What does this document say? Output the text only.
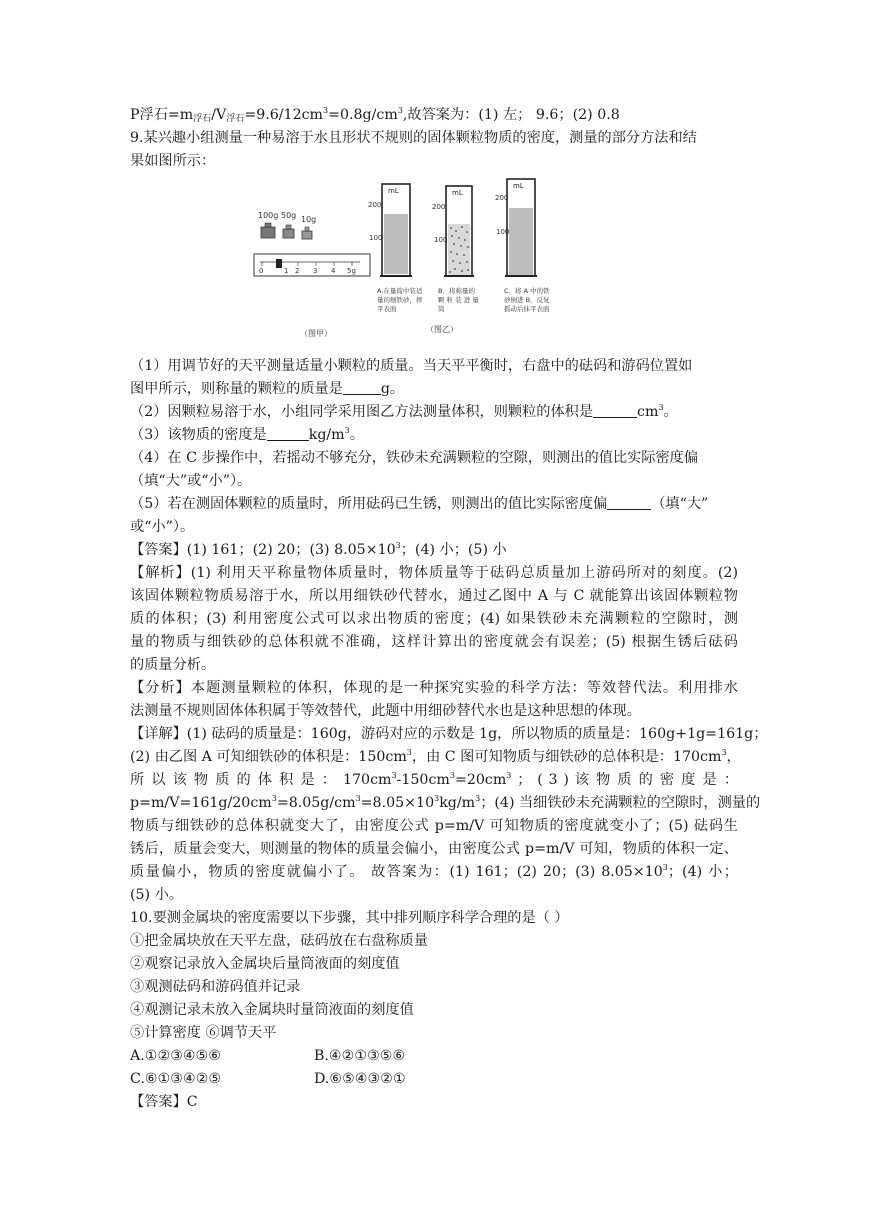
P浮石$=m_{浮石}/V_{浮石}=9.6/12cm^3=0.8g/cm^3$,故答案为：(1) 左； 9.6；(2) 0.8
9.某兴趣小组测量一种易溶于水且形状不规则的固体颗粒物质的密度，测量的部分方法和结
果如图所示：
100g 50g 10g
0	1 2 3 4 5g
（图甲）
200
100
mL
A.在量筒中装适
量的细铁砂，摔
平表面
（图乙）
200
100
mL
B．将称量的
颗 粒 装 进 量
筒
200
100
mL
C．将 A 中的铁
砂倒进 B，反复
摇动后抹平表面
（1）用调节好的天平测量适量小颗粒的质量。当天平平衡时，右盘中的砝码和游码位置如
图甲所示，则称量的颗粒的质量是	g。
（2）因颗粒易溶于水，小组同学采用图乙方法测量体积，则颗粒的体积是	$cm^3$。
（3）该物质的密度是	$kg/m^3$。
（4）在 C 步操作中，若摇动不够充分，铁砂未充满颗粒的空隙，则测出的值比实际密度偏
（填“大”或“小”）。
（5）若在测固体颗粒的质量时，所用砝码已生锈，则测出的值比实际密度偏	（填“大”
或“小”）。
【答案】(1) 161；(2) 20；(3) $8.05\times 10^3$；(4) 小；(5) 小
【解析】(1) 利用天平称量物体质量时，物体质量等于砝码总质量加上游码所对的刻度。(2)
该固体颗粒物质易溶于水，所以用细铁砂代替水，通过乙图中 A 与 C 就能算出该固体颗粒物
质的体积；(3) 利用密度公式可以求出物质的密度；(4) 如果铁砂未充满颗粒的空隙时，测
量的物质与细铁砂的总体积就不准确，这样计算出的密度就会有误差；(5) 根据生锈后砝码
的质量分析。
【分析】本题测量颗粒的体积，体现的是一种探究实验的科学方法：等效替代法。利用排水
法测量不规则固体体积属于等效替代，此题中用细砂替代水也是这种思想的体现。
【详解】(1) 砝码的质量是：160g，游码对应的示数是 1g，所以物质的质量是：160g+1g=161g；
(2) 由乙图 A 可知细铁砂的体积是：$150cm^3$，由 C 图可知物质与细铁砂的总体积是：$170cm^3$，
所 以 该 物 质 的 体 积 是 ： $170cm^3-150cm^3=20cm^3$ ； ( 3 ) 该 物 质 的 密 度 是 ：
$p=m/V=161g/20cm^3=8.05g/cm^3=8.05\times 10^3kg/m^3$；(4) 当细铁砂未充满颗粒的空隙时，测量的
物质与细铁砂的总体积就变大了，由密度公式 p=m/V 可知物质的密度就变小了；(5) 砝码生
锈后，质量会变大，则测量的物体的质量会偏小，由密度公式 p=m/V 可知，物质的体积一定、
质量偏小，物质的密度就偏小了。 故答案为：(1) 161；(2) 20；(3) $8.05\times 10^3$；(4) 小；
(5) 小。
10.要测金属块的密度需要以下步骤，其中排列顺序科学合理的是（ ）
①把金属块放在天平左盘，砝码放在右盘称质量
②观察记录放入金属块后量筒液面的刻度值
③观测砝码和游码值并记录
④观测记录未放入金属块时量筒液面的刻度值
⑤计算密度 ⑥调节天平
A.①②③④⑤⑥	B.④②①③⑤⑥
C.⑥①③④②⑤	D.⑥⑤④③②①
【答案】C
